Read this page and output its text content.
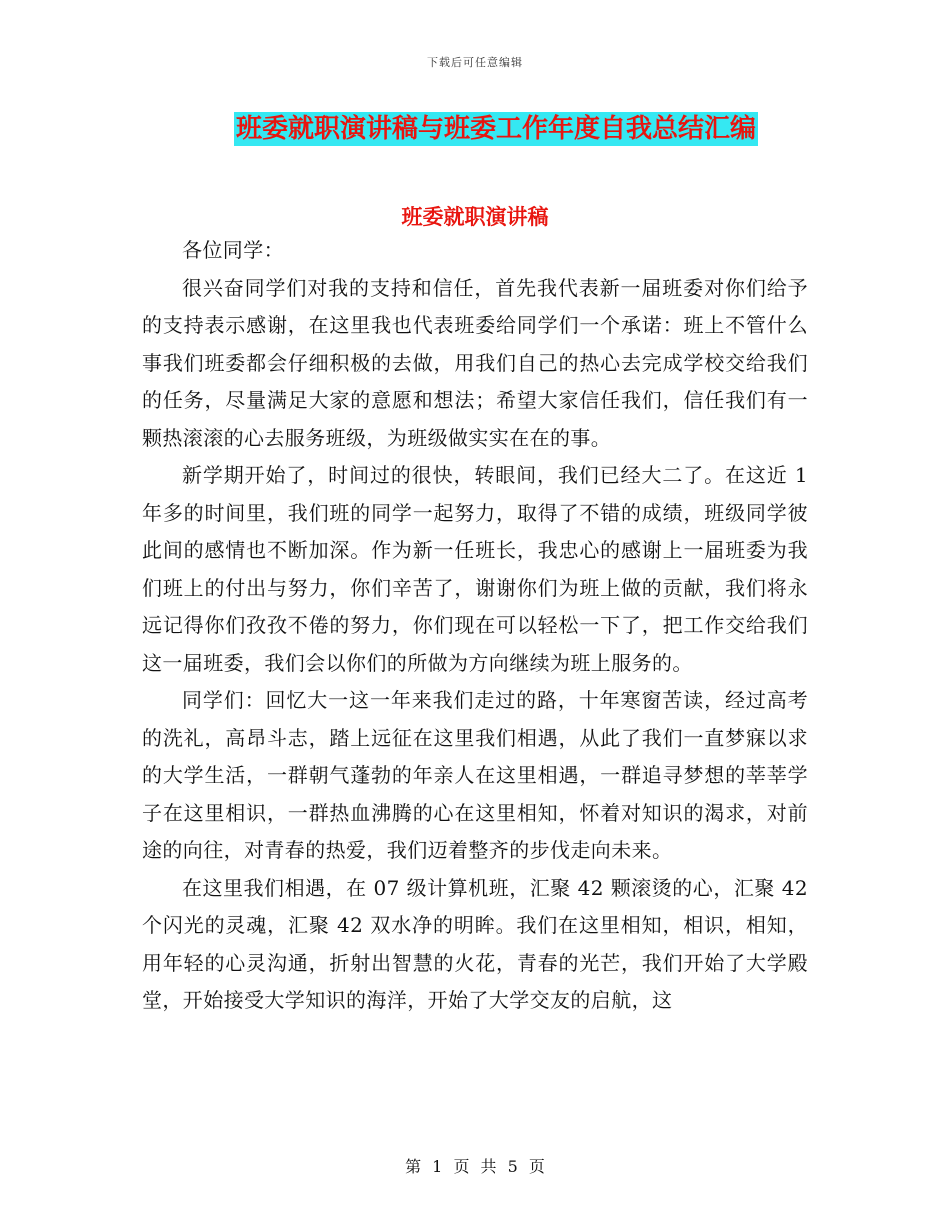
下载后可任意编辑
班委就职演讲稿与班委工作年度自我总结汇编
班委就职演讲稿

各位同学：

很兴奋同学们对我的支持和信任，首先我代表新一届班委对你们给予的支持表示感谢，在这里我也代表班委给同学们一个承诺：班上不管什么事我们班委都会仔细积极的去做，用我们自己的热心去完成学校交给我们的任务，尽量满足大家的意愿和想法；希望大家信任我们，信任我们有一颗热滚滚的心去服务班级，为班级做实实在在的事。

新学期开始了，时间过的很快，转眼间，我们已经大二了。在这近 1 年多的时间里，我们班的同学一起努力，取得了不错的成绩，班级同学彼此间的感情也不断加深。作为新一任班长，我忠心的感谢上一届班委为我们班上的付出与努力，你们辛苦了，谢谢你们为班上做的贡献，我们将永远记得你们孜孜不倦的努力，你们现在可以轻松一下了，把工作交给我们这一届班委，我们会以你们的所做为方向继续为班上服务的。

同学们：回忆大一这一年来我们走过的路，十年寒窗苦读，经过高考的洗礼，高昂斗志，踏上远征在这里我们相遇，从此了我们一直梦寐以求的大学生活，一群朝气蓬勃的年亲人在这里相遇，一群追寻梦想的莘莘学子在这里相识，一群热血沸腾的心在这里相知，怀着对知识的渴求，对前途的向往，对青春的热爱，我们迈着整齐的步伐走向未来。

在这里我们相遇，在 07 级计算机班，汇聚 42 颗滚烫的心，汇聚 42 个闪光的灵魂，汇聚 42 双水净的明眸。我们在这里相知，相识，相知，用年轻的心灵沟通，折射出智慧的火花，青春的光芒，我们开始了大学殿堂，开始接受大学知识的海洋，开始了大学交友的启航，这

第 1 页 共 5 页
